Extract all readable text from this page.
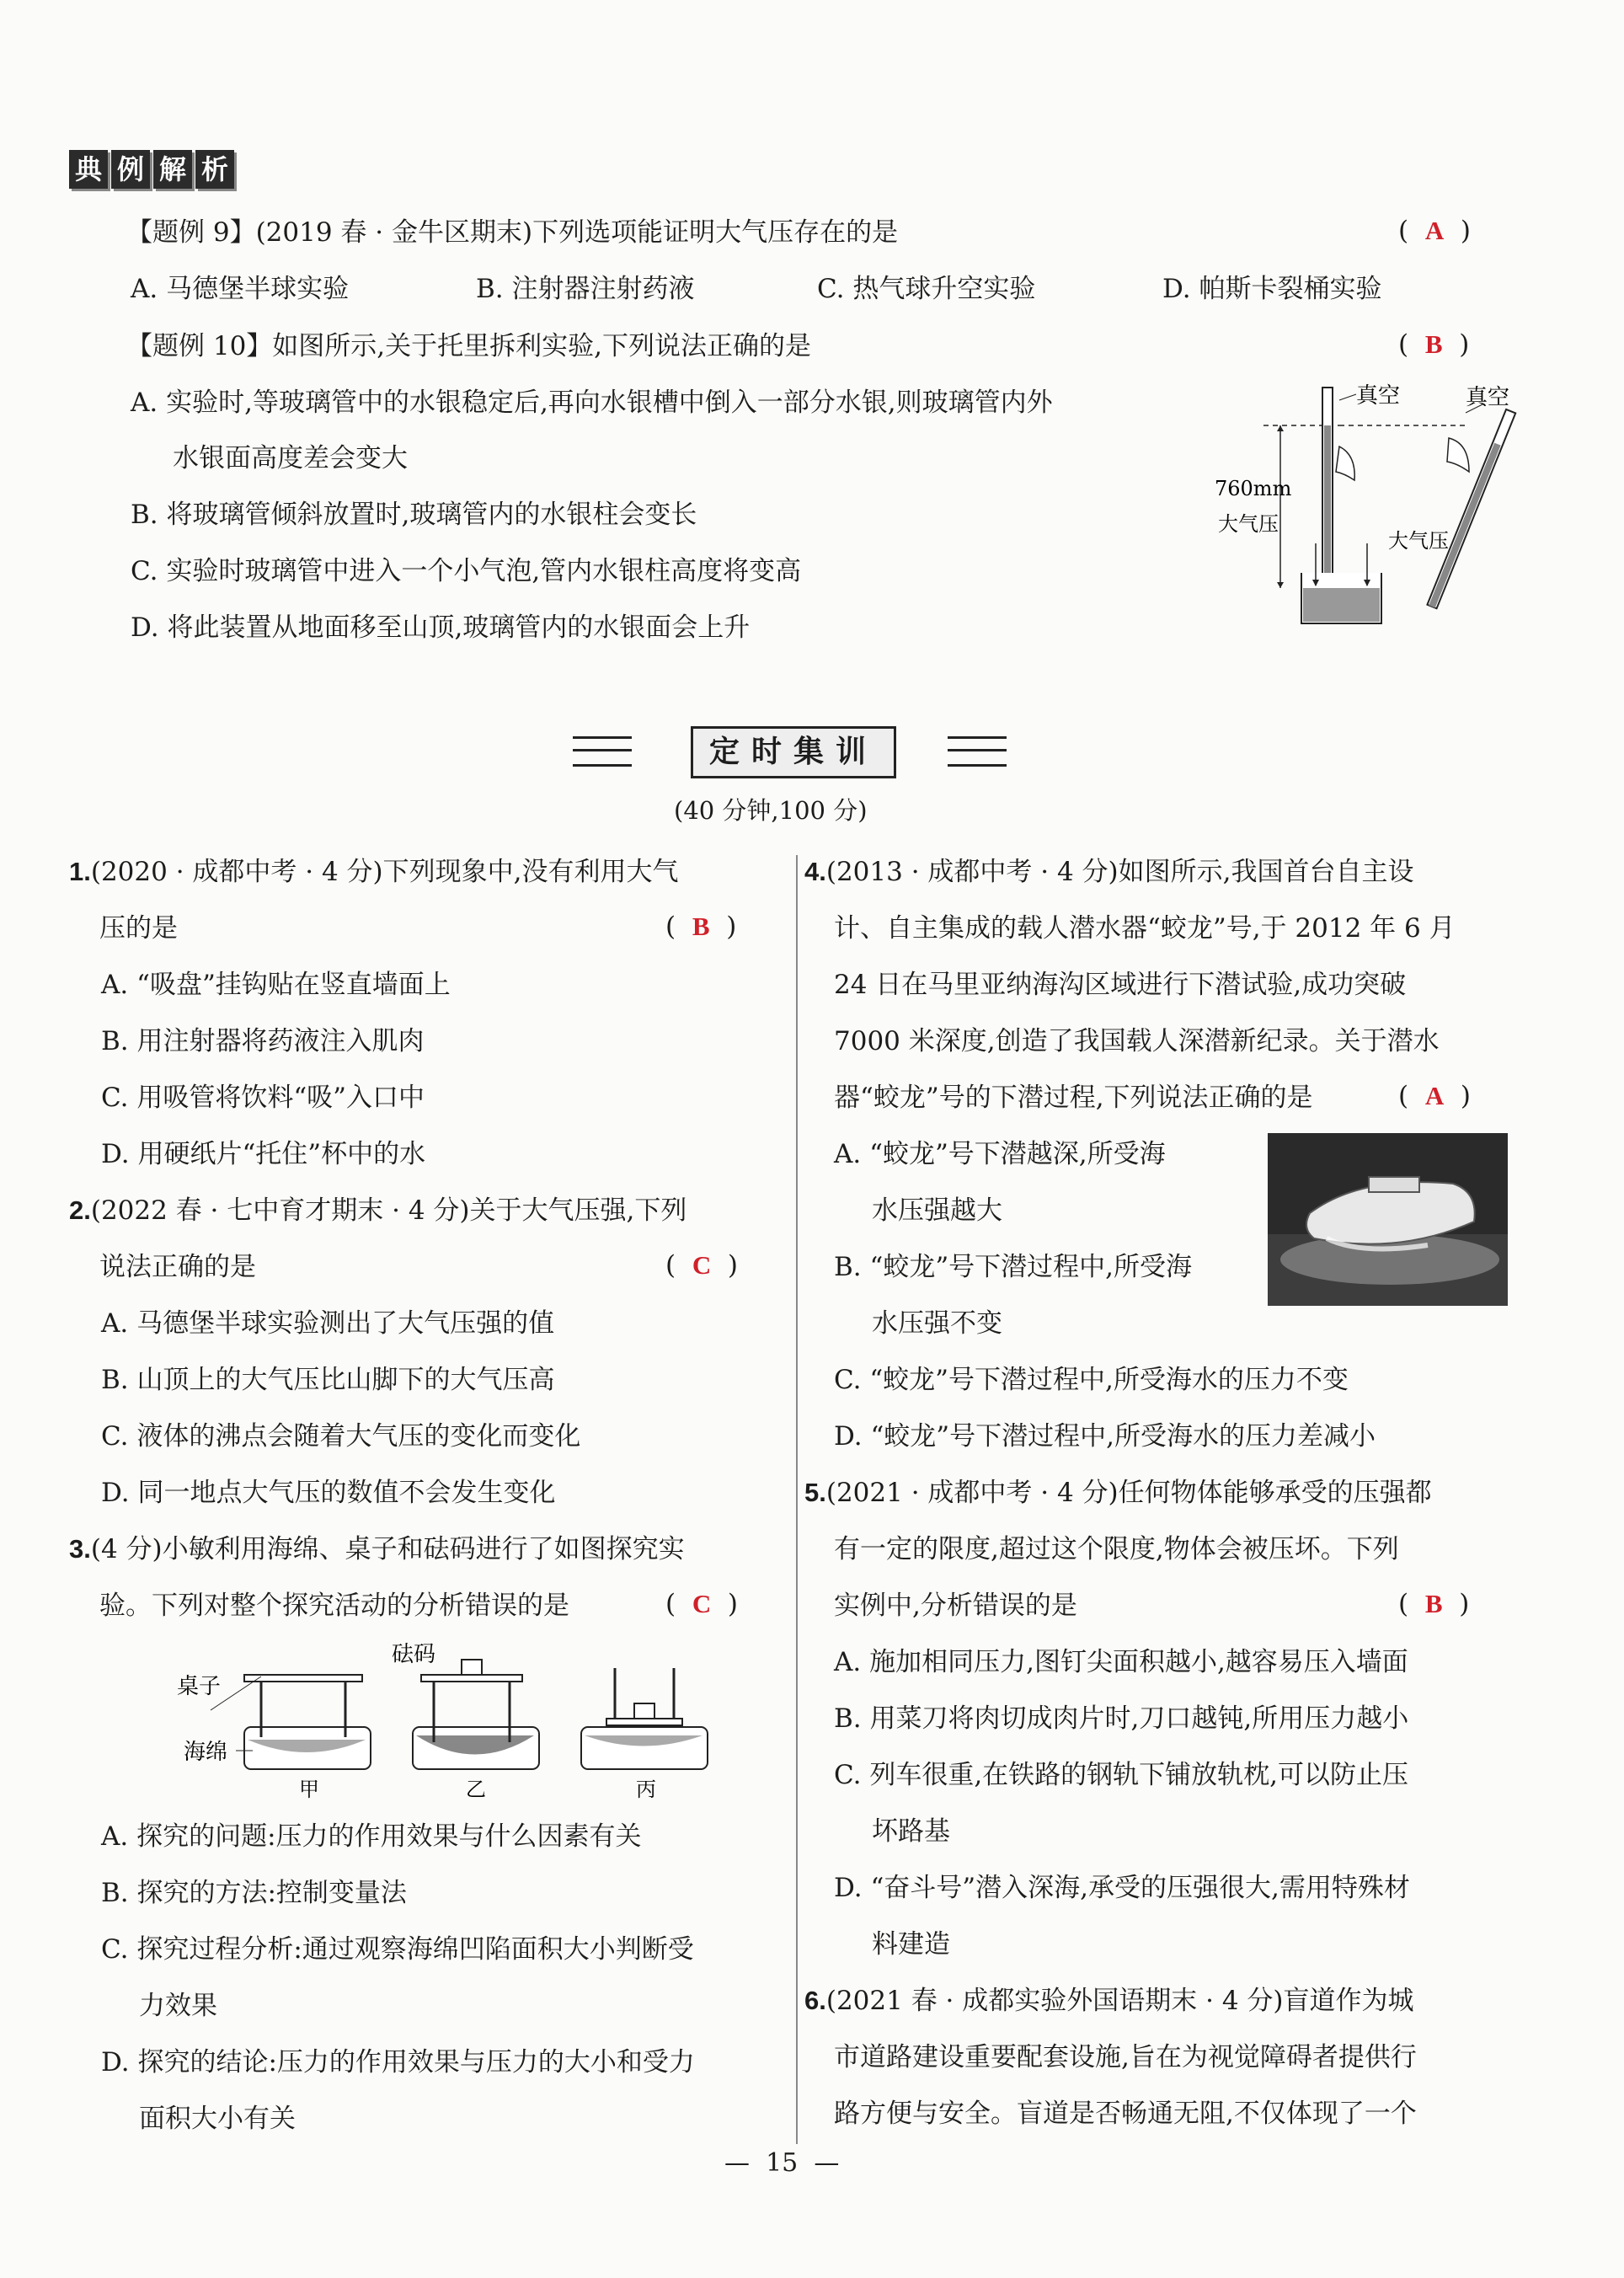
典 例 解 析
【题例 9】(2019 春 · 金牛区期末)下列选项能证明大气压存在的是	(  A  )
A. 马德堡半球实验	B. 注射器注射药液	C. 热气球升空实验	D. 帕斯卡裂桶实验
【题例 10】如图所示,关于托里拆利实验,下列说法正确的是	(  B  )
A. 实验时,等玻璃管中的水银稳定后,再向水银槽中倒入一部分水银,则玻璃管内外
水银面高度差会变大
B. 将玻璃管倾斜放置时,玻璃管内的水银柱会变长
C. 实验时玻璃管中进入一个小气泡,管内水银柱高度将变高
D. 将此装置从地面移至山顶,玻璃管内的水银面会上升
真空	真空
760mm
大气压
大气压
定时集训
(40 分钟,100 分)
1.(2020 · 成都中考 · 4 分)下列现象中,没有利用大气
压的是	(  B  )
A. “吸盘”挂钩贴在竖直墙面上
B. 用注射器将药液注入肌肉
C. 用吸管将饮料“吸”入口中
D. 用硬纸片“托住”杯中的水
2.(2022 春 · 七中育才期末 · 4 分)关于大气压强,下列
说法正确的是	(  C  )
A. 马德堡半球实验测出了大气压强的值
B. 山顶上的大气压比山脚下的大气压高
C. 液体的沸点会随着大气压的变化而变化
D. 同一地点大气压的数值不会发生变化
3.(4 分)小敏利用海绵、桌子和砝码进行了如图探究实
验。下列对整个探究活动的分析错误的是	(  C  )
桌子
砝码
海绵
甲	乙	丙
A. 探究的问题:压力的作用效果与什么因素有关
B. 探究的方法:控制变量法
C. 探究过程分析:通过观察海绵凹陷面积大小判断受
力效果
D. 探究的结论:压力的作用效果与压力的大小和受力
面积大小有关
4.(2013 · 成都中考 · 4 分)如图所示,我国首台自主设
计、自主集成的载人潜水器“蛟龙”号,于 2012 年 6 月
24 日在马里亚纳海沟区域进行下潜试验,成功突破
7000 米深度,创造了我国载人深潜新纪录。关于潜水
器“蛟龙”号的下潜过程,下列说法正确的是	(  A  )
A. “蛟龙”号下潜越深,所受海
水压强越大
B. “蛟龙”号下潜过程中,所受海
水压强不变
C. “蛟龙”号下潜过程中,所受海水的压力不变
D. “蛟龙”号下潜过程中,所受海水的压力差减小
5.(2021 · 成都中考 · 4 分)任何物体能够承受的压强都
有一定的限度,超过这个限度,物体会被压坏。下列
实例中,分析错误的是	(  B  )
A. 施加相同压力,图钉尖面积越小,越容易压入墙面
B. 用菜刀将肉切成肉片时,刀口越钝,所用压力越小
C. 列车很重,在铁路的钢轨下铺放轨枕,可以防止压
坏路基
D. “奋斗号”潜入深海,承受的压强很大,需用特殊材
料建造
6.(2021 春 · 成都实验外国语期末 · 4 分)盲道作为城
市道路建设重要配套设施,旨在为视觉障碍者提供行
路方便与安全。盲道是否畅通无阻,不仅体现了一个
—  15  —
